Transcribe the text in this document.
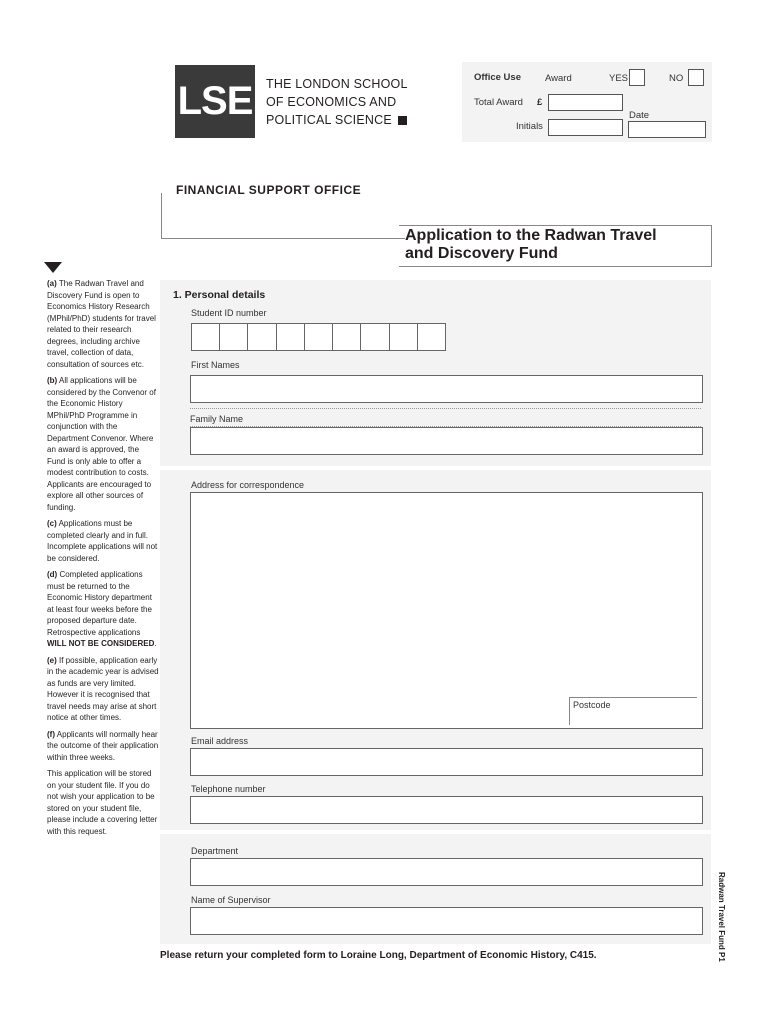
LSE THE LONDON SCHOOL
OF ECONOMICS AND
POLITICAL SCIENCE
Office Use	Award	YES	NO
Total Award £
Date
Initials
FINANCIAL SUPPORT OFFICE
Application to the Radwan Travel
and Discovery Fund

(a) The Radwan Travel and Discovery Fund is open to Economics History Research (MPhil/PhD) students for travel related to their research degrees, including archive travel, collection of data, consultation of sources etc.

(b) All applications will be considered by the Convenor of the Economic History MPhil/PhD Programme in conjunction with the Department Convenor. Where an award is approved, the Fund is only able to offer a modest contribution to costs. Applicants are encouraged to explore all other sources of funding.

(c) Applications must be completed clearly and in full. Incomplete applications will not be considered.

(d) Completed applications must be returned to the Economic History department at least four weeks before the proposed departure date. Retrospective applications WILL NOT BE CONSIDERED.

(e) If possible, application early in the academic year is advised as funds are very limited. However it is recognised that travel needs may arise at short notice at other times.

(f) Applicants will normally hear the outcome of their application within three weeks.

This application will be stored on your student file. If you do not wish your application to be stored on your student file, please include a covering letter with this request.

1. Personal details
Student ID number
First Names
Family Name
Address for correspondence
Postcode
Email address
Telephone number
Department
Name of Supervisor
Please return your completed form to Loraine Long, Department of Economic History, C415.	Radwan Travel Fund P1
